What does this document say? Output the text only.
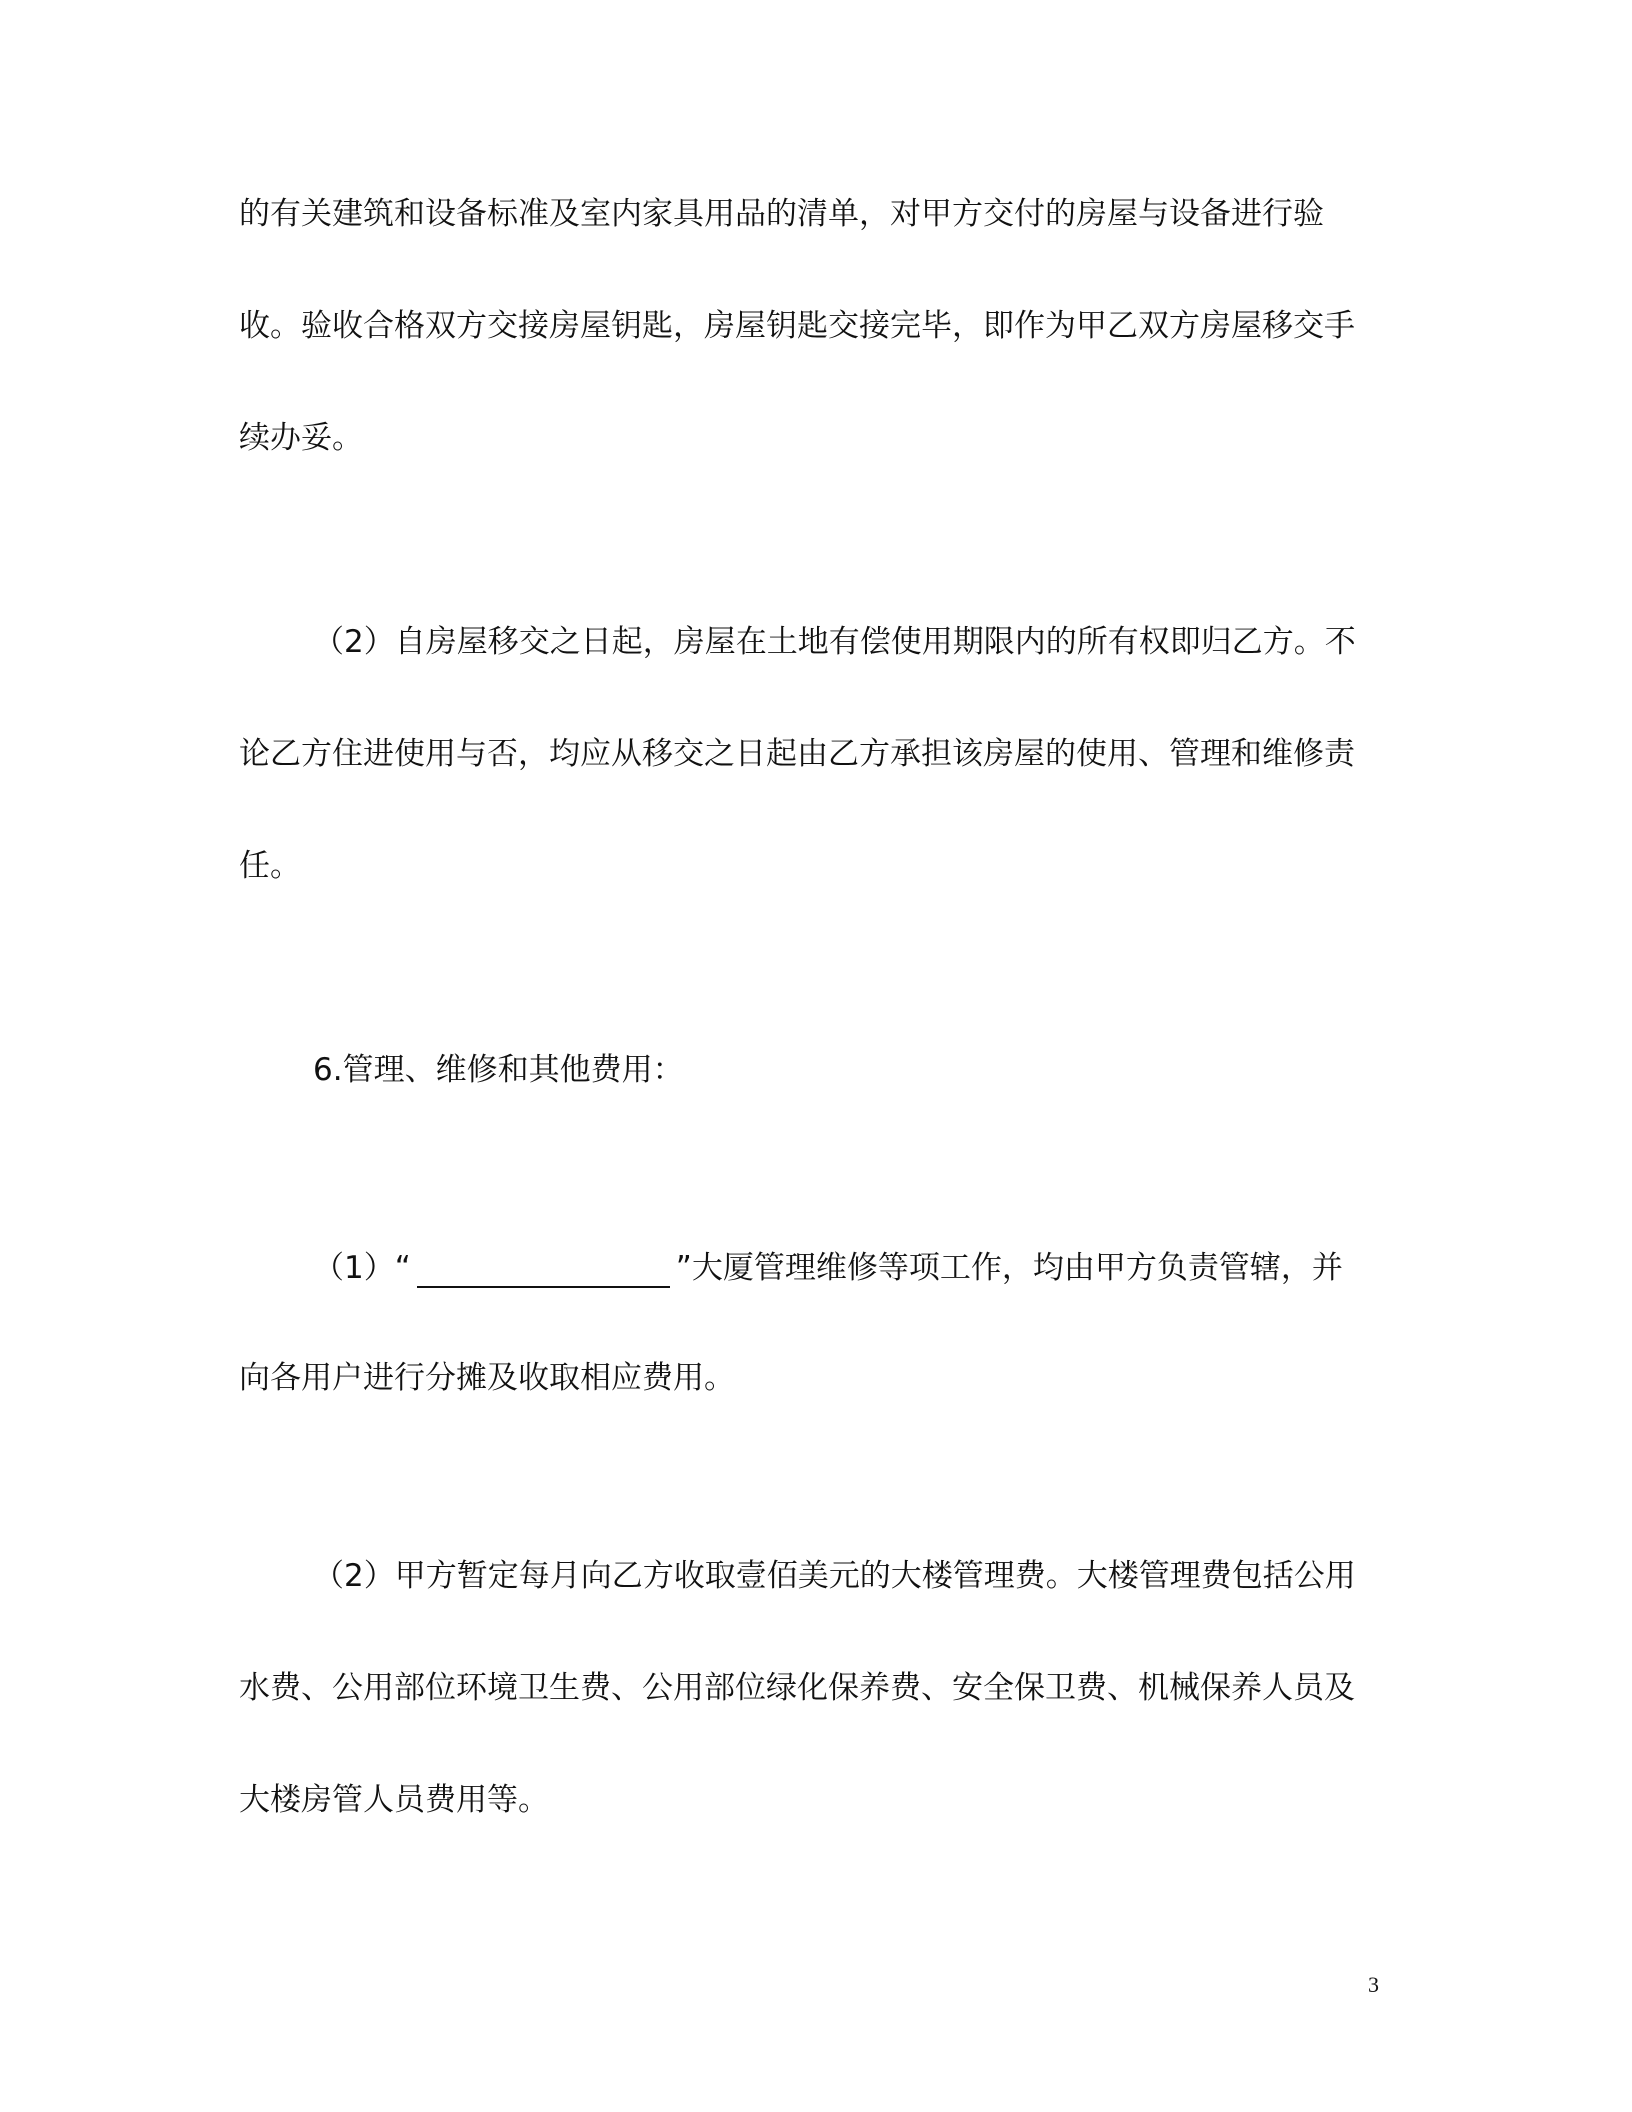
的有关建筑和设备标准及室内家具用品的清单，对甲方交付的房屋与设备进行验

收。验收合格双方交接房屋钥匙，房屋钥匙交接完毕，即作为甲乙双方房屋移交手

续办妥。

（2）自房屋移交之日起，房屋在土地有偿使用期限内的所有权即归乙方。不

论乙方住进使用与否，均应从移交之日起由乙方承担该房屋的使用、管理和维修责

任。

6.管理、维修和其他费用：

（1）“	”大厦管理维修等项工作，均由甲方负责管辖，并

向各用户进行分摊及收取相应费用。

（2）甲方暂定每月向乙方收取壹佰美元的大楼管理费。大楼管理费包括公用

水费、公用部位环境卫生费、公用部位绿化保养费、安全保卫费、机械保养人员及

大楼房管人员费用等。

3
